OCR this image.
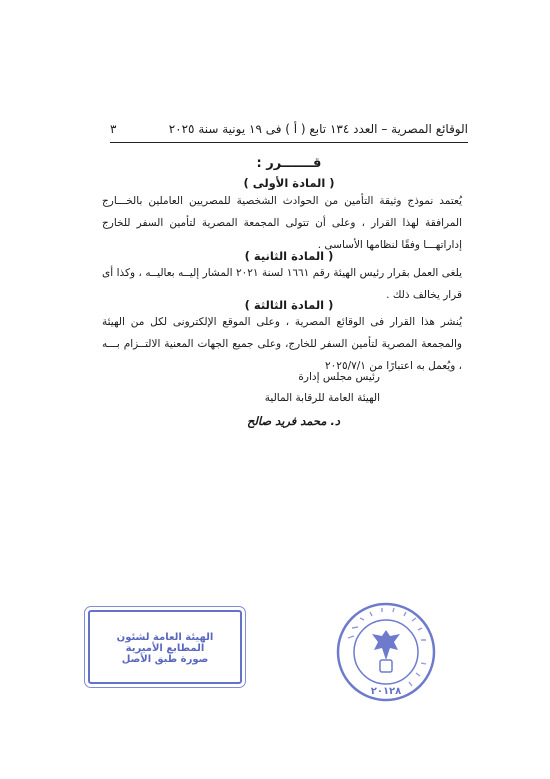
الوقائع المصرية – العدد ١٣٤ تابع ( أ ) فى ١٩ يونية سنة ٢٠٢٥
٣
قـــــــرر :
( المادة الأولى )
يُعتمد نموذج وثيقة التأمين من الحوادث الشخصية للمصريين العاملين بالخـــارج المرافقة لهذا القرار ، وعلى أن تتولى المجمعة المصرية لتأمين السفر للخارج إداراتهـــا وفقًا لنظامها الأساسى .
( المادة الثانية )
يلغى العمل بقرار رئيس الهيئة رقم ١٦٦١ لسنة ٢٠٢١ المشار إليــه بعاليــه ، وكذا أى قرار يخالف ذلك .
( المادة الثالثة )
يُنشر هذا القرار فى الوقائع المصرية ، وعلى الموقع الإلكترونى لكل من الهيئة والمجمعة المصرية لتأمين السفر للخارج، وعلى جميع الجهات المعنية الالتــزام بـــه ، ويُعمل به اعتبارًا من ٢٠٢٥/٧/١
رئيس مجلس إدارة
الهيئة العامة للرقابة المالية
د. محمد فريد صالح
الهيئة العامة لشئون المطابع الأميرية
صورة طبق الأصل
٢٠١٢٨
